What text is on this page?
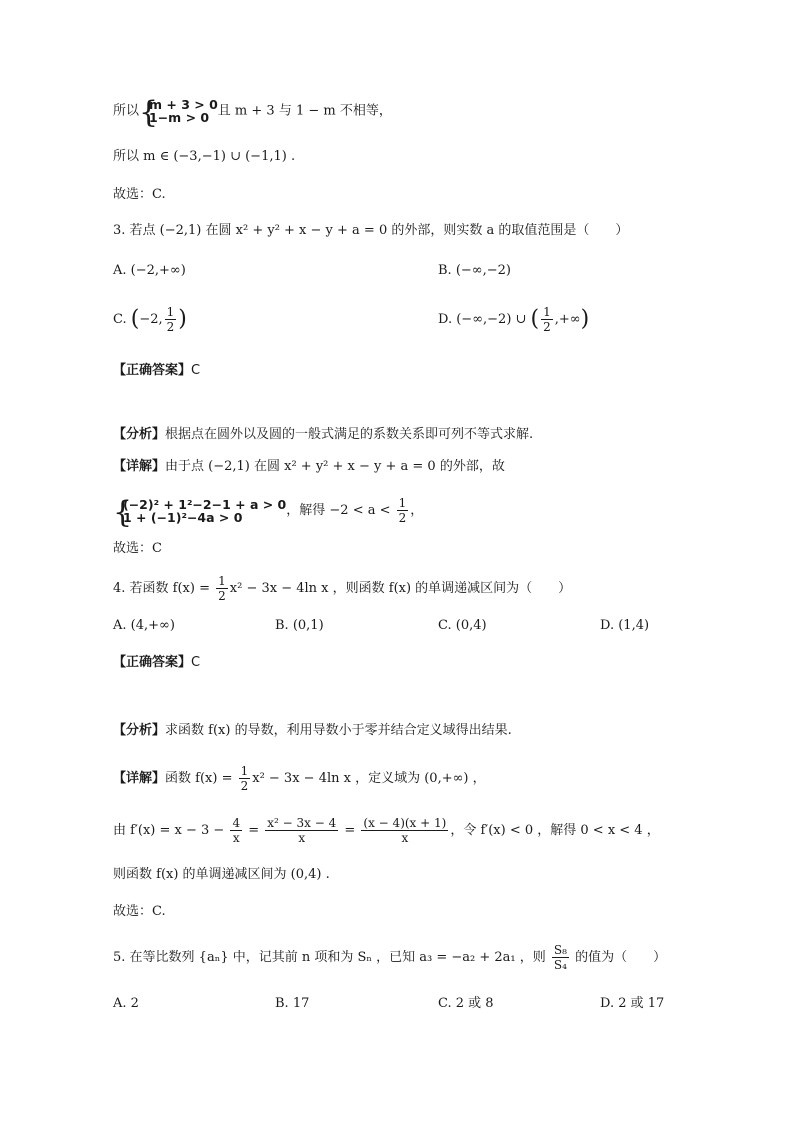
所以 {
m + 3 > 0
1−m > 0 且 m + 3 与 1 − m 不相等，
所以 m ∈ (−3,−1) ∪ (−1,1) .
故选：C.
3. 若点 (−2,1) 在圆 x² + y² + x − y + a = 0 的外部，则实数 a 的取值范围是（　　）
A. (−2,+∞)	B. (−∞,−2)
C. (−2, $\frac{1}{2}$ )	D. (−∞,−2) ∪ ( $\frac{1}{2}$ ,+∞)
【正确答案】C
【分析】根据点在圆外以及圆的一般式满足的系数关系即可列不等式求解.
【详解】由于点 (−2,1) 在圆 x² + y² + x − y + a = 0 的外部，故
{
(−2)² + 1²−2−1 + a > 0
1 + (−1)²−4a > 0	，解得 $-2 < a < \frac{1}{2}$ ，
故选：C
4. 若函数 $f(x) = \frac{1}{2} x^2 - 3x - 4\ln$ x ，则函数 f(x) 的单调递减区间为（　　）
A. (4,+∞)	B. (0,1)	C. (0,4)	D. (1,4)
【正确答案】C
【分析】求函数 f(x) 的导数，利用导数小于零并结合定义域得出结果.
【详解】函数 $f(x) = \frac{1}{2} x^2 - 3x - 4\ln$ x ，定义域为 (0,+∞) ，
由 $f'(x) = x - 3 - \frac{4}{x} = \frac{\text{x² − 3x − 4}}{x} = \frac{(x - 4)(x + 1)}{x}$ ，令 f′(x) < 0 ，解得 0 < x < 4 ，
则函数 f(x) 的单调递减区间为 (0,4) .
故选：C.
5. 在等比数列 {aₙ} 中，记其前 n 项和为 Sₙ ，已知 a₃ = −a₂ + 2a₁ ，则 $\frac{\text{S₈}}{\text{S₄}}$ 的值为（　　）
A. 2	B. 17	C. 2 或 8	D. 2 或 17
